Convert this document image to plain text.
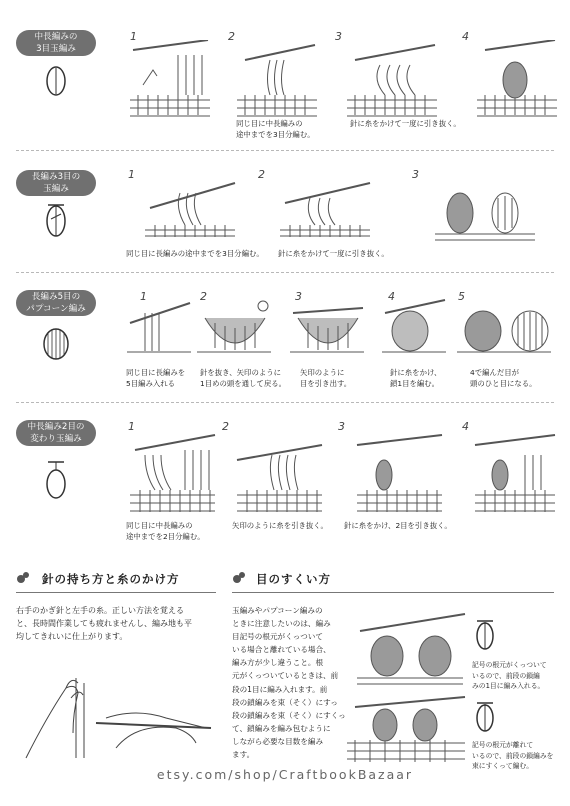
中長編みの
3目玉編み
1	2	3	4
同じ目に中長編みの
途中までを3目分編む。
針に糸をかけて一度に引き抜く。
長編み3目の
玉編み
1	2	3
同じ目に長編みの途中までを3目分編む。 針に糸をかけて一度に引き抜く。
長編み5目の
パプコーン編み
1	2	3	4	5
同じ目に長編みを
5目編み入れる
針を抜き、矢印のように
1目めの頭を通して戻る。
矢印のように
目を引き出す。
針に糸をかけ、
鎖1目を編む。
4で編んだ目が
頭のひと目になる。
中長編み2目の
変わり玉編み
1	2	3	4
同じ目に中長編みの
途中までを2目分編む。
矢印のように糸を引き抜く。 針に糸をかけ、2目を引き抜く。
針の持ち方と糸のかけ方
右手のかぎ針と左手の糸。正しい方法を覚える
と、長時間作業しても疲れませんし、編み地も平
均してきれいに仕上がります。
目のすくい方
玉編みやパプコーン編みの
ときに注意したいのは、編み
目記号の根元がくっついて
いる場合と離れている場合、
編み方が少し違うこと。根
元がくっついているときは、前
段の1目に編み入れます。前
段の鎖編みを束（そく）にすっ
段の鎖編みを束（そく）にすくっ
て、鎖編みを編み包むように
しながら必要な目数を編み
ます。
記号の根元がくっついて
いるので、前段の鎖編
みの1目に編み入れる。
記号の根元が離れて
いるので、前段の鎖編みを
束にすくって編む。
etsy.com/shop/CraftbookBazaar
